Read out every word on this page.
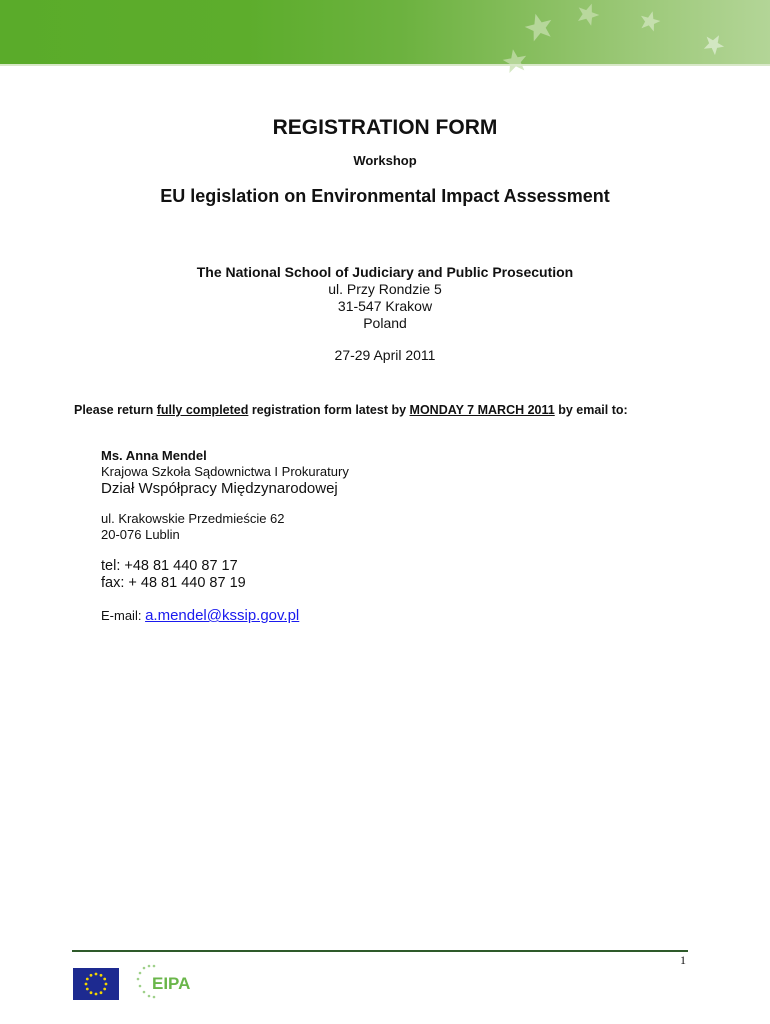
REGISTRATION FORM
Workshop
EU legislation on Environmental Impact Assessment
The National School of Judiciary and Public Prosecution
ul. Przy Rondzie 5
31-547 Krakow
Poland
27-29 April 2011
Please return fully completed registration form latest by MONDAY 7 MARCH 2011 by email to:
Ms. Anna Mendel
Krajowa Szkoła Sądownictwa I Prokuratury
Dział Współpracy Międzynarodowej
ul. Krakowskie Przedmieście 62
20-076 Lublin
tel: +48 81 440 87 17
fax: + 48 81 440 87 19
E-mail: a.mendel@kssip.gov.pl
1
EIPA
